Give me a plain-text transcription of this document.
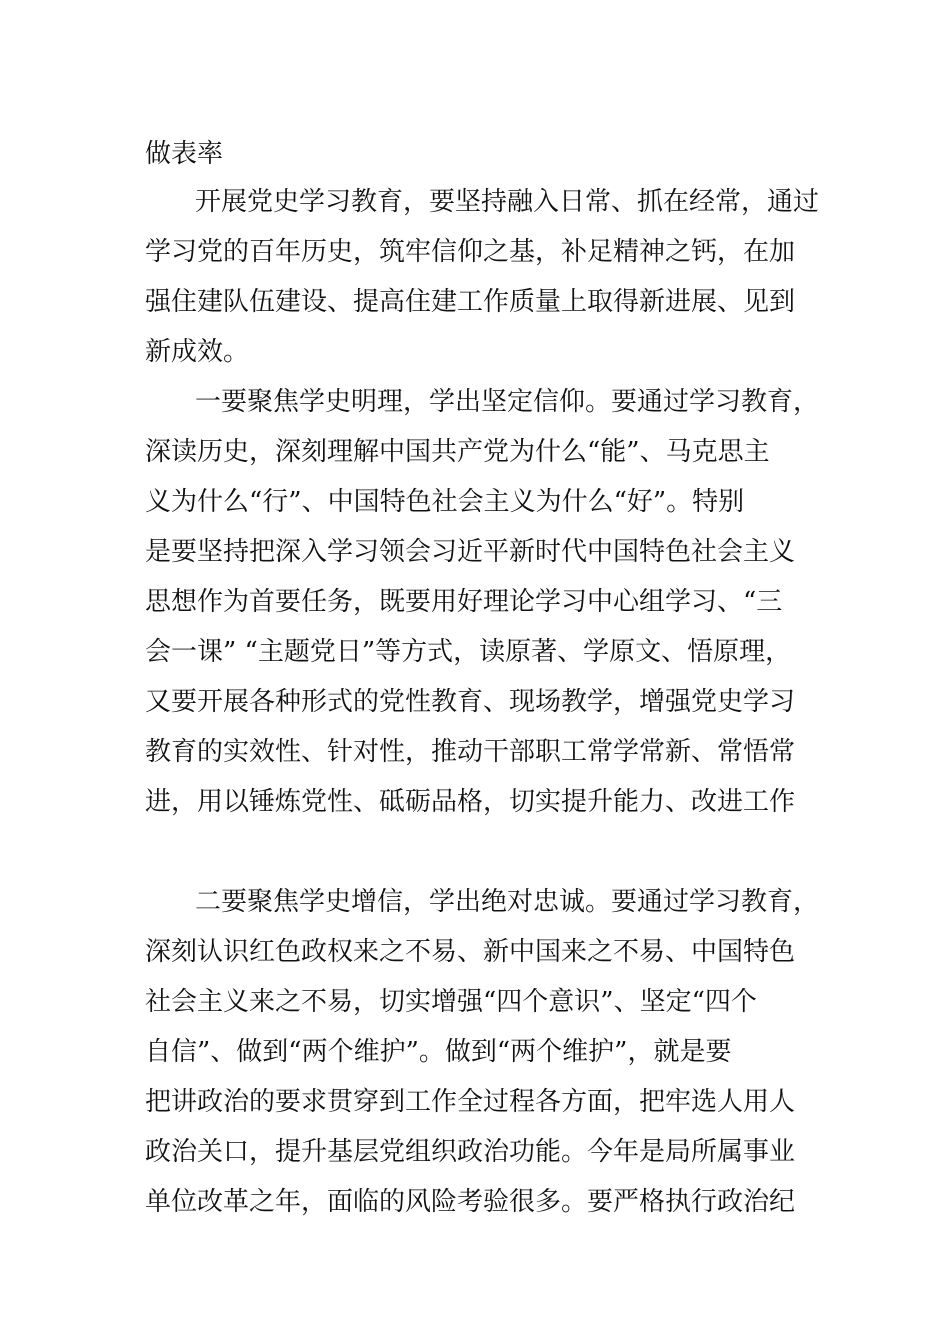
做表率
开展党史学习教育，要坚持融入日常、抓在经常，通过
学习党的百年历史，筑牢信仰之基，补足精神之钙，在加
强住建队伍建设、提高住建工作质量上取得新进展、见到
新成效。
一要聚焦学史明理，学出坚定信仰。要通过学习教育，
深读历史，深刻理解中国共产党为什么“能”、马克思主
义为什么“行”、中国特色社会主义为什么“好”。特别
是要坚持把深入学习领会习近平新时代中国特色社会主义
思想作为首要任务，既要用好理论学习中心组学习、“三
会一课” “主题党日”等方式，读原著、学原文、悟原理，
又要开展各种形式的党性教育、现场教学，增强党史学习
教育的实效性、针对性，推动干部职工常学常新、常悟常
进，用以锤炼党性、砥砺品格，切实提升能力、改进工作
二要聚焦学史增信，学出绝对忠诚。要通过学习教育，
深刻认识红色政权来之不易、新中国来之不易、中国特色
社会主义来之不易，切实增强“四个意识”、坚定“四个
自信”、做到“两个维护”。做到“两个维护”，就是要
把讲政治的要求贯穿到工作全过程各方面，把牢选人用人
政治关口，提升基层党组织政治功能。今年是局所属事业
单位改革之年，面临的风险考验很多。要严格执行政治纪
